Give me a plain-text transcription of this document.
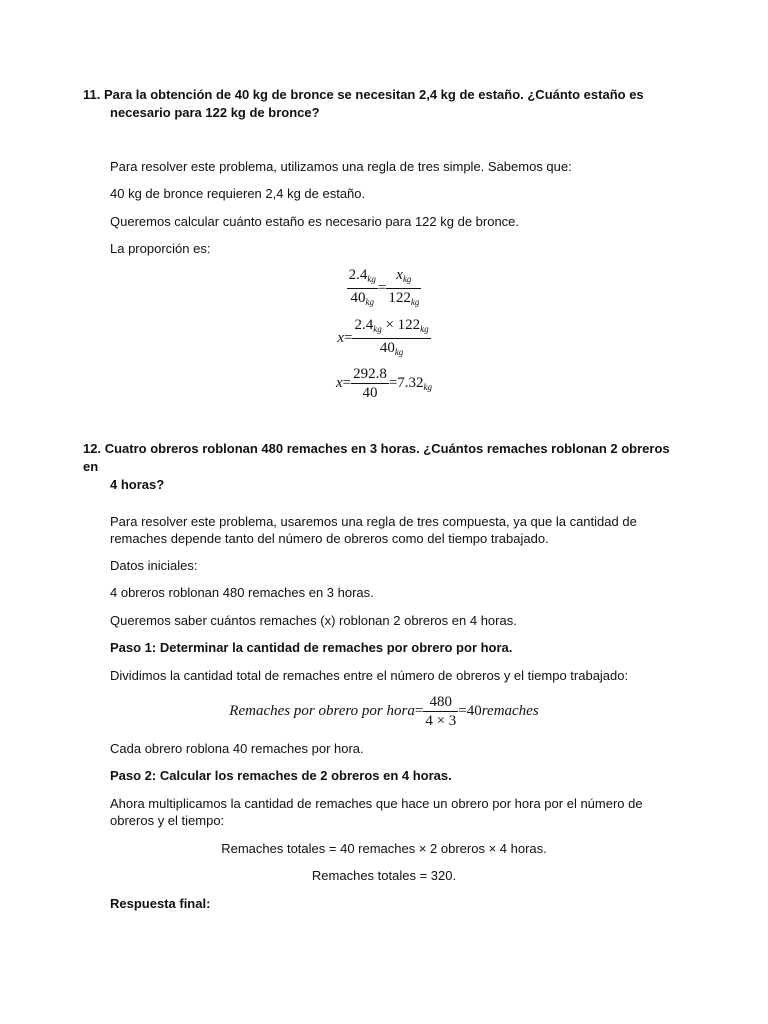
11. Para la obtención de 40 kg de bronce se necesitan 2,4 kg de estaño. ¿Cuánto estaño es
necesario para 122 kg de bronce?
Para resolver este problema, utilizamos una regla de tres simple. Sabemos que:
40 kg de bronce requieren 2,4 kg de estaño.
Queremos calcular cuánto estaño es necesario para 122 kg de bronce.
La proporción es:
$\frac{2.4_{kg}}{40_{kg}} = \frac{x_{kg}}{122_{kg}}$
$x= \frac{2.4_{kg} \times 122_{kg}}{40_{kg}}$
$x= \frac{292.8}{40} =7.32_{kg}$
12. Cuatro obreros roblonan 480 remaches en 3 horas. ¿Cuántos remaches roblonan 2 obreros en
4 horas?
Para resolver este problema, usaremos una regla de tres compuesta, ya que la cantidad de remaches depende tanto del número de obreros como del tiempo trabajado.
Datos iniciales:
4 obreros roblonan 480 remaches en 3 horas.
Queremos saber cuántos remaches (x) roblonan 2 obreros en 4 horas.
Paso 1: Determinar la cantidad de remaches por obrero por hora.
Dividimos la cantidad total de remaches entre el número de obreros y el tiempo trabajado:
Remaches por obrero por hora= $\frac{480}{4 \times 3}$ =40remaches
Cada obrero roblona 40 remaches por hora.
Paso 2: Calcular los remaches de 2 obreros en 4 horas.
Ahora multiplicamos la cantidad de remaches que hace un obrero por hora por el número de obreros y el tiempo:
Remaches totales = 40 remaches × 2 obreros × 4 horas.
Remaches totales = 320.
Respuesta final:
